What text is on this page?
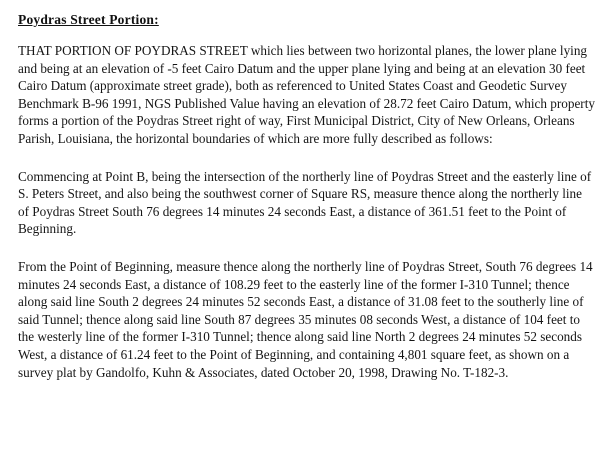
Poydras Street Portion:

THAT PORTION OF POYDRAS STREET which lies between two horizontal planes, the lower plane lying and being at an elevation of -5 feet Cairo Datum and the upper plane lying and being at an elevation 30 feet Cairo Datum (approximate street grade), both as referenced to United States Coast and Geodetic Survey Benchmark B-96 1991, NGS Published Value having an elevation of 28.72 feet Cairo Datum, which property forms a portion of the Poydras Street right of way, First Municipal District, City of New Orleans, Orleans Parish, Louisiana, the horizontal boundaries of which are more fully described as follows:

Commencing at Point B, being the intersection of the northerly line of Poydras Street and the easterly line of S. Peters Street, and also being the southwest corner of Square RS, measure thence along the northerly line of Poydras Street South 76 degrees 14 minutes 24 seconds East, a distance of 361.51 feet to the Point of Beginning.

From the Point of Beginning, measure thence along the northerly line of Poydras Street, South 76 degrees 14 minutes 24 seconds East, a distance of 108.29 feet to the easterly line of the former I-310 Tunnel; thence along said line South 2 degrees 24 minutes 52 seconds East, a distance of 31.08 feet to the southerly line of said Tunnel; thence along said line South 87 degrees 35 minutes 08 seconds West, a distance of 104 feet to the westerly line of the former I-310 Tunnel; thence along said line North 2 degrees 24 minutes 52 seconds West, a distance of 61.24 feet to the Point of Beginning, and containing 4,801 square feet, as shown on a survey plat by Gandolfo, Kuhn & Associates, dated October 20, 1998, Drawing No. T-182-3.
